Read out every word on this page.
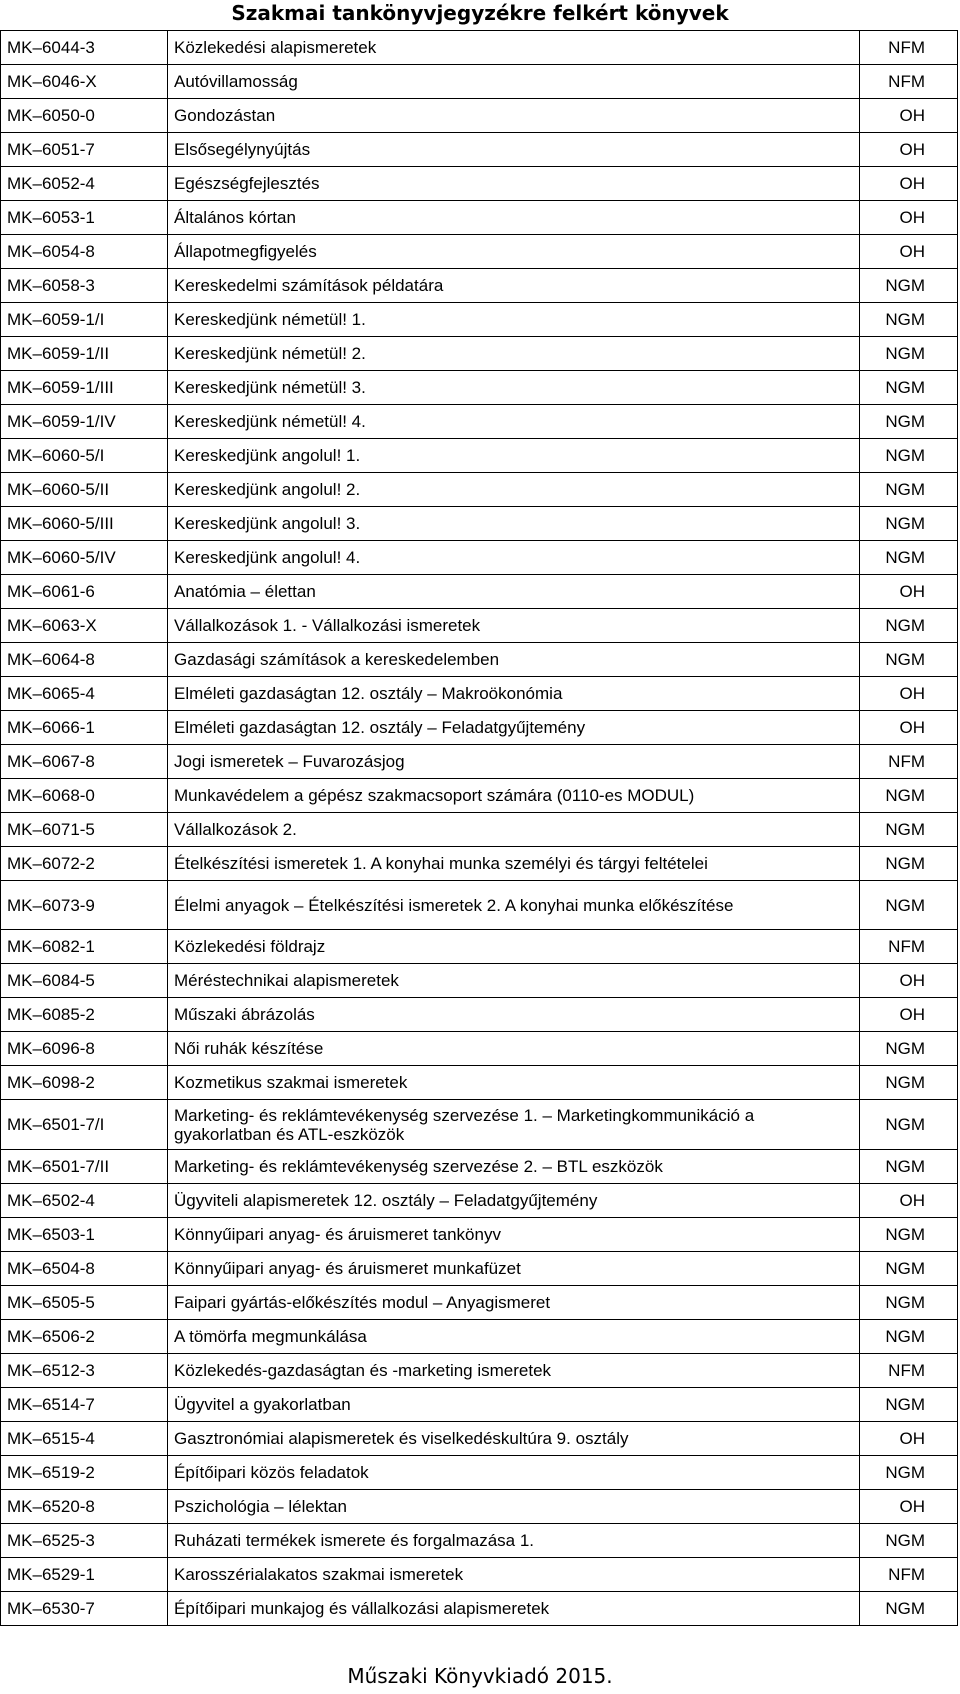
Szakmai tankönyvjegyzékre felkért könyvek
MK–6044-3	Közlekedési alapismeretek	NFM
MK–6046-X	Autóvillamosság	NFM
MK–6050-0	Gondozástan	OH
MK–6051-7	Elsősegélynyújtás	OH
MK–6052-4	Egészségfejlesztés	OH
MK–6053-1	Általános kórtan	OH
MK–6054-8	Állapotmegfigyelés	OH
MK–6058-3	Kereskedelmi számítások példatára	NGM
MK–6059-1/I	Kereskedjünk németül! 1.	NGM
MK–6059-1/II	Kereskedjünk németül! 2.	NGM
MK–6059-1/III	Kereskedjünk németül! 3.	NGM
MK–6059-1/IV	Kereskedjünk németül! 4.	NGM
MK–6060-5/I	Kereskedjünk angolul! 1.	NGM
MK–6060-5/II	Kereskedjünk angolul! 2.	NGM
MK–6060-5/III	Kereskedjünk angolul! 3.	NGM
MK–6060-5/IV	Kereskedjünk angolul! 4.	NGM
MK–6061-6	Anatómia – élettan	OH
MK–6063-X	Vállalkozások 1. - Vállalkozási ismeretek	NGM
MK–6064-8	Gazdasági számítások a kereskedelemben	NGM
MK–6065-4	Elméleti gazdaságtan 12. osztály – Makroökonómia	OH
MK–6066-1	Elméleti gazdaságtan 12. osztály – Feladatgyűjtemény	OH
MK–6067-8	Jogi ismeretek – Fuvarozásjog	NFM
MK–6068-0	Munkavédelem a gépész szakmacsoport számára (0110-es MODUL)	NGM
MK–6071-5	Vállalkozások 2.	NGM
MK–6072-2	Ételkészítési ismeretek 1. A konyhai munka személyi és tárgyi feltételei	NGM
MK–6073-9	Élelmi anyagok – Ételkészítési ismeretek 2. A konyhai munka előkészítése	NGM
MK–6082-1	Közlekedési földrajz	NFM
MK–6084-5	Méréstechnikai alapismeretek	OH
MK–6085-2	Műszaki ábrázolás	OH
MK–6096-8	Női ruhák készítése	NGM
MK–6098-2	Kozmetikus szakmai ismeretek	NGM
MK–6501-7/I	Marketing- és reklámtevékenység szervezése 1. – Marketingkommunikáció a gyakorlatban és ATL-eszközök	NGM
MK–6501-7/II	Marketing- és reklámtevékenység szervezése 2. – BTL eszközök	NGM
MK–6502-4	Ügyviteli alapismeretek 12. osztály – Feladatgyűjtemény	OH
MK–6503-1	Könnyűipari anyag- és áruismeret tankönyv	NGM
MK–6504-8	Könnyűipari anyag- és áruismeret munkafüzet	NGM
MK–6505-5	Faipari gyártás-előkészítés modul – Anyagismeret	NGM
MK–6506-2	A tömörfa megmunkálása	NGM
MK–6512-3	Közlekedés-gazdaságtan és -marketing ismeretek	NFM
MK–6514-7	Ügyvitel a gyakorlatban	NGM
MK–6515-4	Gasztronómiai alapismeretek és viselkedéskultúra 9. osztály	OH
MK–6519-2	Építőipari közös feladatok	NGM
MK–6520-8	Pszichológia – lélektan	OH
MK–6525-3	Ruházati termékek ismerete és forgalmazása 1.	NGM
MK–6529-1	Karosszérialakatos szakmai ismeretek	NFM
MK–6530-7	Építőipari munkajog és vállalkozási alapismeretek	NGM
Műszaki Könyvkiadó 2015.
